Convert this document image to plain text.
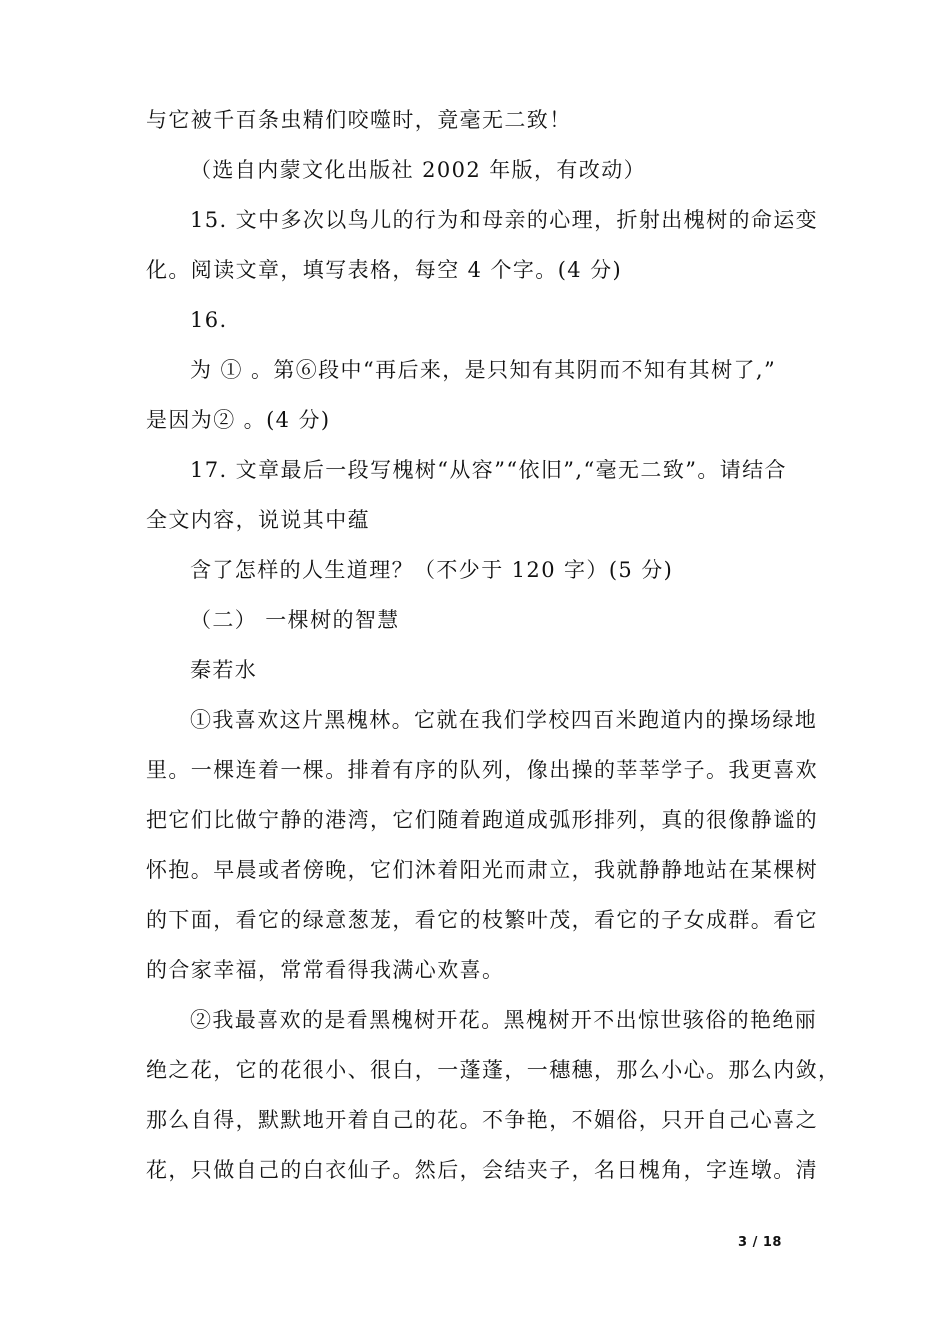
与它被千百条虫精们咬噬时，竟毫无二致！
（选自内蒙文化出版社 2002 年版，有改动）
15. 文中多次以鸟儿的行为和母亲的心理，折射出槐树的命运变
化。阅读文章，填写表格，每空 4 个字。(4 分)
16.
为 ① 。第⑥段中“再后来，是只知有其阴而不知有其树了,”
是因为② 。(4 分)
17. 文章最后一段写槐树“从容”“依旧”,“毫无二致”。请结合
全文内容，说说其中蕴
含了怎样的人生道理？（不少于 120 字）(5 分)
（二） 一棵树的智慧
秦若水
①我喜欢这片黑槐林。它就在我们学校四百米跑道内的操场绿地
里。一棵连着一棵。排着有序的队列，像出操的莘莘学子。我更喜欢
把它们比做宁静的港湾，它们随着跑道成弧形排列，真的很像静谧的
怀抱。早晨或者傍晚，它们沐着阳光而肃立，我就静静地站在某棵树
的下面，看它的绿意葱茏，看它的枝繁叶茂，看它的子女成群。看它
的合家幸福，常常看得我满心欢喜。
②我最喜欢的是看黑槐树开花。黑槐树开不出惊世骇俗的艳绝丽
绝之花，它的花很小、很白，一蓬蓬，一穗穗，那么小心。那么内敛，
那么自得，默默地开着自己的花。不争艳，不媚俗，只开自己心喜之
花，只做自己的白衣仙子。然后，会结夹子，名日槐角，字连墩。清
3 / 18
